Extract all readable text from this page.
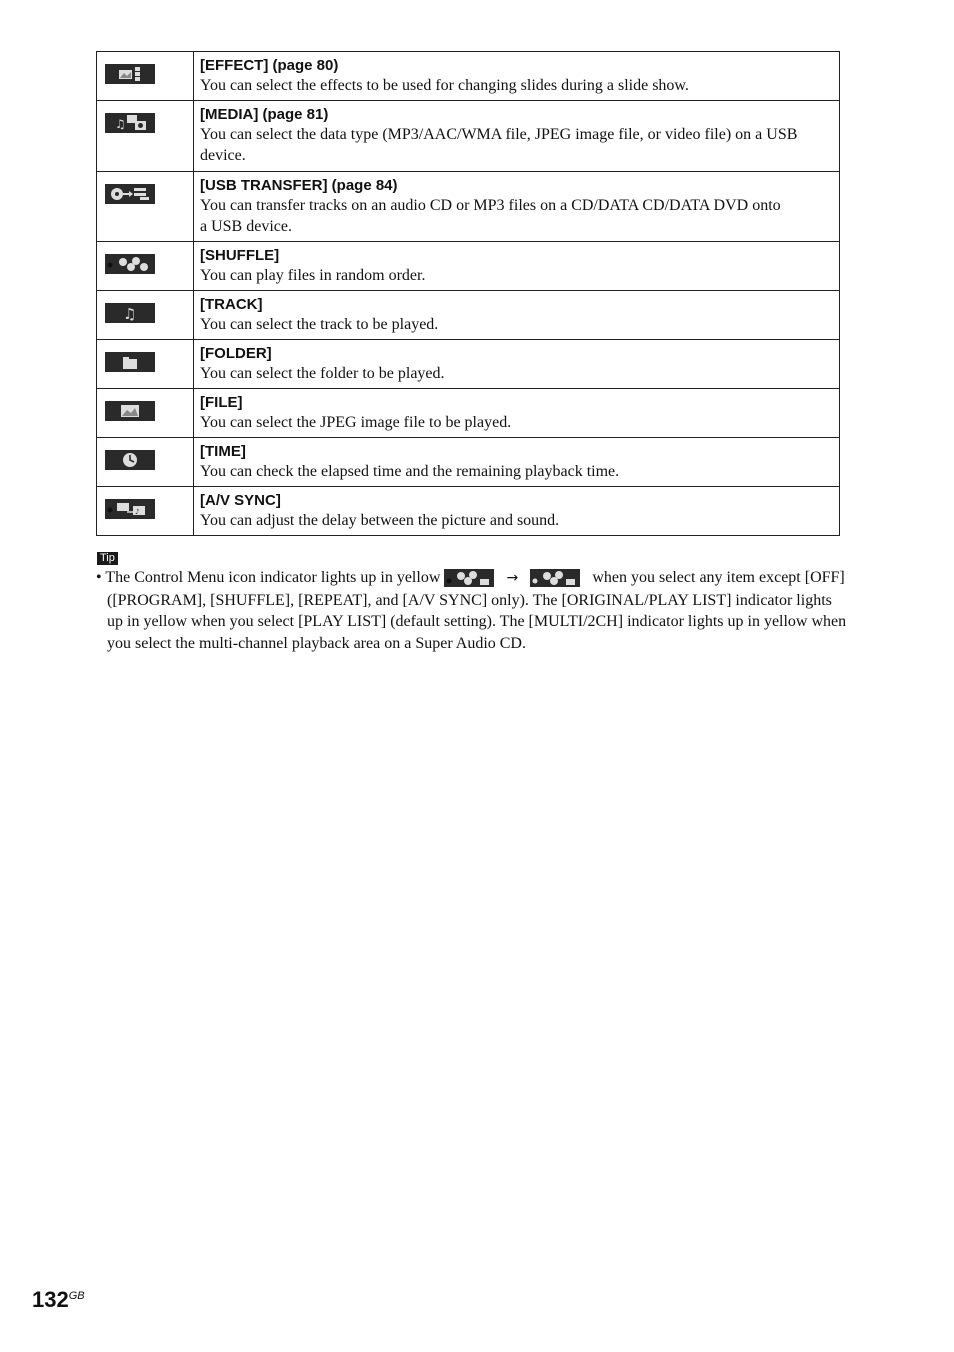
[EFFECT] (page 80)
You can select the effects to be used for changing slides during a slide show.

♫	[MEDIA] (page 81)
You can select the data type (MP3/AAC/WMA file, JPEG image file, or video file) on a USB
device.

[USB TRANSFER] (page 84)
You can transfer tracks on an audio CD or MP3 files on a CD/DATA CD/DATA DVD onto
a USB device.

[SHUFFLE]
You can play files in random order.

♫	[TRACK]
You can select the track to be played.

[FOLDER]
You can select the folder to be played.

[FILE]
You can select the JPEG image file to be played.

[TIME]
You can check the elapsed time and the remaining playback time.

♪	[A/V SYNC]
You can adjust the delay between the picture and sound.
Tip
• The Control Menu icon indicator lights up in yellow	→	when you select any item except [OFF]
([PROGRAM], [SHUFFLE], [REPEAT], and [A/V SYNC] only). The [ORIGINAL/PLAY LIST] indicator lights
up in yellow when you select [PLAY LIST] (default setting). The [MULTI/2CH] indicator lights up in yellow when
you select the multi-channel playback area on a Super Audio CD.
$132^{GB}$
